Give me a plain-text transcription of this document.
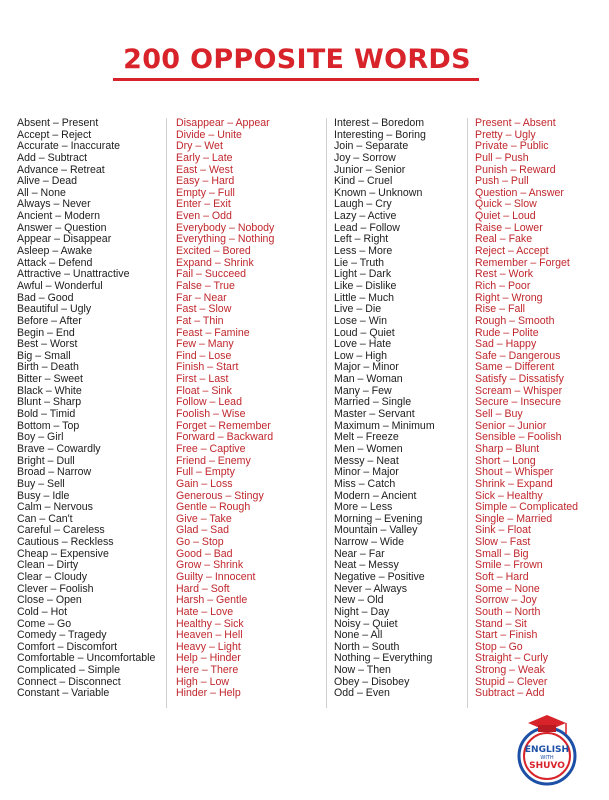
200 OPPOSITE WORDS
Absent – Present
Accept – Reject
Accurate – Inaccurate
Add – Subtract
Advance – Retreat
Alive – Dead
All – None
Always – Never
Ancient – Modern
Answer – Question
Appear – Disappear
Asleep – Awake
Attack – Defend
Attractive – Unattractive
Awful – Wonderful
Bad – Good
Beautiful – Ugly
Before – After
Begin – End
Best – Worst
Big – Small
Birth – Death
Bitter – Sweet
Black – White
Blunt – Sharp
Bold – Timid
Bottom – Top
Boy – Girl
Brave – Cowardly
Bright – Dull
Broad – Narrow
Buy – Sell
Busy – Idle
Calm – Nervous
Can – Can't
Careful – Careless
Cautious – Reckless
Cheap – Expensive
Clean – Dirty
Clear – Cloudy
Clever – Foolish
Close – Open
Cold – Hot
Come – Go
Comedy – Tragedy
Comfort – Discomfort
Comfortable – Uncomfortable
Complicated – Simple
Connect – Disconnect
Constant – Variable
Disappear – Appear
Divide – Unite
Dry – Wet
Early – Late
East – West
Easy – Hard
Empty – Full
Enter – Exit
Even – Odd
Everybody – Nobody
Everything – Nothing
Excited – Bored
Expand – Shrink
Fail – Succeed
False – True
Far – Near
Fast – Slow
Fat – Thin
Feast – Famine
Few – Many
Find – Lose
Finish – Start
First – Last
Float – Sink
Follow – Lead
Foolish – Wise
Forget – Remember
Forward – Backward
Free – Captive
Friend – Enemy
Full – Empty
Gain – Loss
Generous – Stingy
Gentle – Rough
Give – Take
Glad – Sad
Go – Stop
Good – Bad
Grow – Shrink
Guilty – Innocent
Hard – Soft
Harsh – Gentle
Hate – Love
Healthy – Sick
Heaven – Hell
Heavy – Light
Help – Hinder
Here – There
High – Low
Hinder – Help
Interest – Boredom
Interesting – Boring
Join – Separate
Joy – Sorrow
Junior – Senior
Kind – Cruel
Known – Unknown
Laugh – Cry
Lazy – Active
Lead – Follow
Left – Right
Less – More
Lie – Truth
Light – Dark
Like – Dislike
Little – Much
Live – Die
Lose – Win
Loud – Quiet
Love – Hate
Low – High
Major – Minor
Man – Woman
Many – Few
Married – Single
Master – Servant
Maximum – Minimum
Melt – Freeze
Men – Women
Messy – Neat
Minor – Major
Miss – Catch
Modern – Ancient
More – Less
Morning – Evening
Mountain – Valley
Narrow – Wide
Near – Far
Neat – Messy
Negative – Positive
Never – Always
New – Old
Night – Day
Noisy – Quiet
None – All
North – South
Nothing – Everything
Now – Then
Obey – Disobey
Odd – Even
Present – Absent
Pretty – Ugly
Private – Public
Pull – Push
Punish – Reward
Push – Pull
Question – Answer
Quick – Slow
Quiet – Loud
Raise – Lower
Real – Fake
Reject – Accept
Remember – Forget
Rest – Work
Rich – Poor
Right – Wrong
Rise – Fall
Rough – Smooth
Rude – Polite
Sad – Happy
Safe – Dangerous
Same – Different
Satisfy – Dissatisfy
Scream – Whisper
Secure – Insecure
Sell – Buy
Senior – Junior
Sensible – Foolish
Sharp – Blunt
Short – Long
Shout – Whisper
Shrink – Expand
Sick – Healthy
Simple – Complicated
Single – Married
Sink – Float
Slow – Fast
Small – Big
Smile – Frown
Soft – Hard
Some – None
Sorrow – Joy
South – North
Stand – Sit
Start – Finish
Stop – Go
Straight – Curly
Strong – Weak
Stupid – Clever
Subtract – Add
ENGLISH
WITH
SHUVO
